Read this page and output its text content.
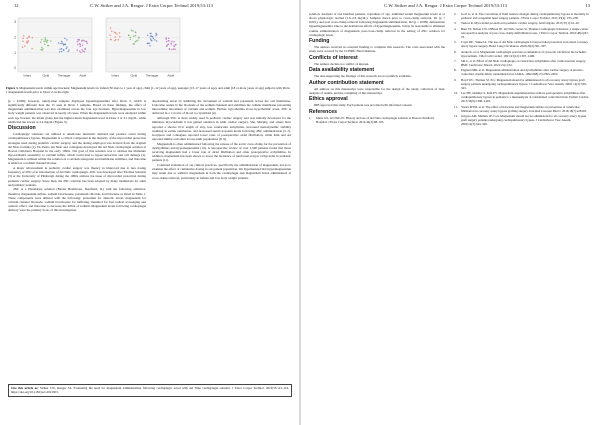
12	C.W. Striker and J.A. Reagor. J Extra Corpor Technol 2019;53:113
3
2
1
0
Infant	Child	Teenager	Adult	Infant	Child	Teenager	Adult
Figure 3. Magnesium levels within age brackets: Magnesium levels for infant (30 days to 1 year of age), child (1–12 years of age), teenager (13–17 years of age), and adult (18 or more years of age) subjects with Draw 1 magnesium levels prior to Draw 2 on the right.

(p = 0.009); however, ninety-nine samples displayed hypermagnesemia after Draw 2, which is significantly different than the 15 seen in Draw 1 samples. Based on these findings, the effect of magnesium administration was also examined across the four age brackets. Hypermagnesemia in low body weight patients was observed in nearly all cases. When the magnesium levels were analyzed within each age bracket, the infant group had the highest mean magnesium level in Draw 2 at 3.1 mg/dL, while adults had the lowest at 2.4 mg/dL (Figure 3).

Discussion

Cardioplegic solutions are utilized to ameliorate metabolic demand and produce arrest during cardiopulmonary bypass. Magnesium is a critical component in the majority of the myocardial protection strategies used during pediatric cardiac surgery, and the dosing employed was derived from the original del Nido formula (1). Dr. Pedro del Nido and colleagues developed the del Nido cardioplegia solution at Boston Children's Hospital in the early 1990s. The goal of this solution was to address the immature myocardium's sensitivity to calcium influx, which could lead to hypercontraction and cell damage (2). Magnesium is utilized within the solution as a calcium antagonist and membrane stabilizer, and lidocaine is added as a sodium channel blocker.

A major advancement in pediatric cardiac surgery was fluency in improved due to less dosing frequency of dNC over introduction of del Nido cardioplegia. dNC was developed after Thomas Solution (3) at the University of Pittsburgh during the 1960s address the issue of myocardial protection during pediatric cardiac surgery. Since then, the dNC solution has been adopted by many institutions for adult and pediatric patients.

dNC is a Plasmalyte solution (Baxter Healthcare, Deerfield, IL) with the following additives: mannitol, magnesium sulfate, sodium bicarbonate, potassium chloride, and lidocaine as listed in Table 1. These components were utilized with the following: potassium for diastolic arrest, magnesium for calcium channel blockade, sodium bicarbonate for buffering, mannitol for free radical scavenging and osmotic effect, and lidocaine to decrease the influx of sodium. Magnesium levels following cardioplegia delivery were the primary focus of this investigation.

depolarizing arrest by inhibiting the movement of sodium and potassium across the cell membrane. Lidocaine assists in the blockade of the sodium channels and stabilizes the cellular membrane preventing intracellular movement of calcium and sodium. Further, hypothermia slows hypothermic arrest. dNC is delivered in a 1:4 ratio of blood to crystalloid (4).

Although dNC is most widely used in pediatric cardiac surgery and was initially developed for the immature myocardium, it has gained attention in adult cardiac surgery. She, Murphy, and others have reported a shorter ICU length of stay, less ventricular arrhythmia, increased hemodynamic stability resulting in earlier extubation, and decreased serum troponin levels following dNC administration (5–7). Gorjipour and colleagues reported lower rates of postoperative atrial fibrillation, while Kim and Ad reported similar outcomes across adult populations (8, 9).

Magnesium is often administered following the release of the aortic cross-clamp for the prevention of dysrhythmias and hypomagnesemia (10). A retrospective review of over 1,500 patients found that those receiving magnesium had a lower rate of atrial fibrillation and other postoperative arrhythmias. In addition, magnesium has been shown to lower the incidence of junctional ectopic tachycardia in pediatric patients (11).

Continual evaluation of our clinical practices, specifically the administration of magnesium, led us to examine the effect of cumulative dosing in our patient population. We hypothesized that hypermagnesemia may result due to additive magnesium in both the cardioplegia and magnesium bolus administered at cross-clamp removal, particularly in infants and low body weight patients.

Cite this article as: Striker CW, Reagor JA. Evaluating the need for magnesium administration following cardioplegic arrest with del Nido cardioplegia solution. J Extra Corpor Technol. 2019;53:113–119. https://doi.org/10.1182/ject-2021653.
C.W. Striker and J.A. Reagor. J Extra Corpor Technol 2019;53:113	13

solution. Analysis of one hundred patients, regardless of age, exhibited serum magnesium levels at or above physiologic normal (1.6–2.6 mg/dL). Samples drawn prior to cross-clamp removal, D1 (p < 0.001), and post cross-clamp removal following magnesium administration, D2 (p = 0.009) demonstrate hypermagnesemia. Due to the deleterious effects of hypermagnesemia, it may be reasonable to eliminate routine administration of magnesium post-cross-clamp removal in the setting of dNC solution for cardioplegic arrest.

Funding

The authors received no external funding to complete this research. The costs associated with the study were covered by the CCHMC Heart Institute.

Conflicts of interest

The authors declare no conflict of interest.

Data availability statement

The data supporting the findings of this research are not publicly available.

Author contribution statement

All authors on this manuscript were responsible for the design of the study, collection of data, analysis of results, and the compiling of this manuscript.

Ethics approval

IRB approved this study. Each patient was provided with informed consent.

References
1. Matte GS, del Nido PJ. History and use of del Nido cardioplegia solution at Boston Children's Hospital. J Extra Corpor Technol. 2012;44(3):98–103.
2. Govi G, et al. The correlation of fluid balance changes during cardiopulmonary bypass to mortality in pediatric and congenital heart surgery patients. J Extra Corpor Technol. 2011;43(4): 235–238.
3. Turkoz R. Myocardial protection in pediatric cardiac surgery. Artif Organs. 2013;37(1):16–20.
4. Buel ST, Striker CW, O'Brien JE. del Nido versus St. Thomas Cardioplegia Solutions: a single-center retrospective analysis of post cross-clamp defibrillation rates. J Extra Corpor Technol. 2016;48(2):67–70.
5. Cayir MC, Yuksel A. The use of del Nido cardioplegia for myocardial protection in isolated coronary artery bypass surgery. Heart Lung Circulation. 2020;29(2):301–307.
6. Araka K, et al. Magnesium cardioplegia prevents accumulation of cytosolic calcium in the ischemic myocardium. J Mol Cell Cardiol. 1991;23(12):1397–1406.
7. Shi C, et al. Effect of del Nido cardioplegia on ventricular arrhythmias after cardiovascular surgery. BMC Cardiovasc Disord. 2021;21(1):32.
8. England MR, et al. Magnesium administration and dysrhythmias after cardiac surgery. A placebo-controlled, double-blind, randomized trial. JAMA. 1992;268(17):2395–2402.
9. Boyd WC, Thomas SJ. Pro: Magnesium should be administered to all coronary artery bypass graft surgery patients undergoing cardiopulmonary bypass. J Cardiothorac Vasc Anesth. 2000; 14(3):339–343.
10. Lee HY, Ghimire S, Kim EY. Magnesium supplementation reduces postoperative arrhythmias after cardiopulmonary bypass in pediatrics: a metaanalysis of randomized controlled trials. Pediatr Cardiol. 2013;34(6):1396–1403.
11. Yazici MTM, et al. The effect of lidocaine and magnesium sulfate on prevention of ventricular fibrillation in coronary artery bypass grafting surgery. Iran Red Crescent Med J. 2016;18(7):e28165.
12. Grigore AM, Mathew JP. Con: Magnesium should not be administered to all coronary artery bypass graft surgery patients undergoing cardiopulmonary bypass. J Cardiothorac Vasc Anesth. 2000;14(3):344–346.
